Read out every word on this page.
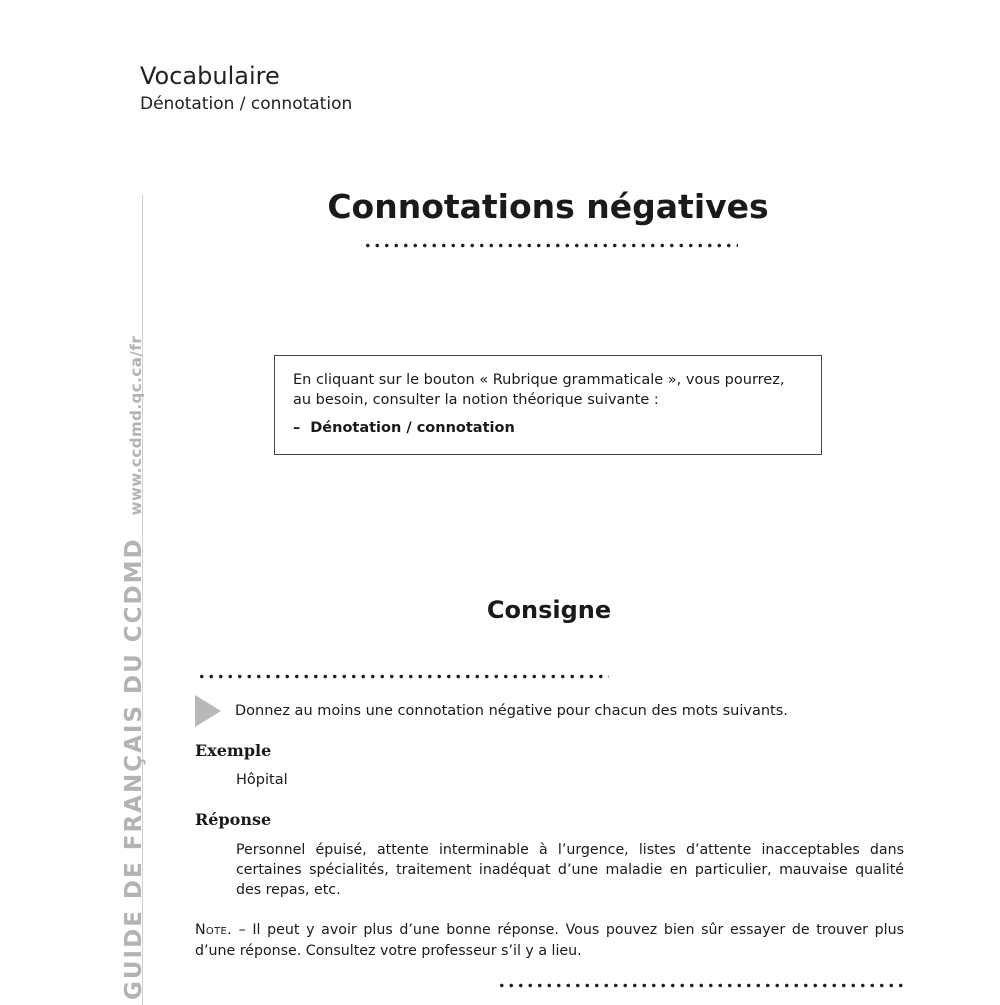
Vocabulaire
Dénotation / connotation
GUIDE DE FRANÇAIS DU CCDMDwww.ccdmd.qc.ca/fr
Connotations négatives
En cliquant sur le bouton « Rubrique grammaticale », vous pourrez,
au besoin, consulter la notion théorique suivante :
– Dénotation / connotation
Consigne
Donnez au moins une connotation négative pour chacun des mots suivants.
Exemple
Hôpital
Réponse
Personnel épuisé, attente interminable à l’urgence, listes d’attente inacceptables dans certaines spécialités, traitement inadéquat d’une maladie en particulier, mauvaise qualité des repas, etc.
Note. – Il peut y avoir plus d’une bonne réponse. Vous pouvez bien sûr essayer de trouver plus d’une réponse. Consultez votre professeur s’il y a lieu.
